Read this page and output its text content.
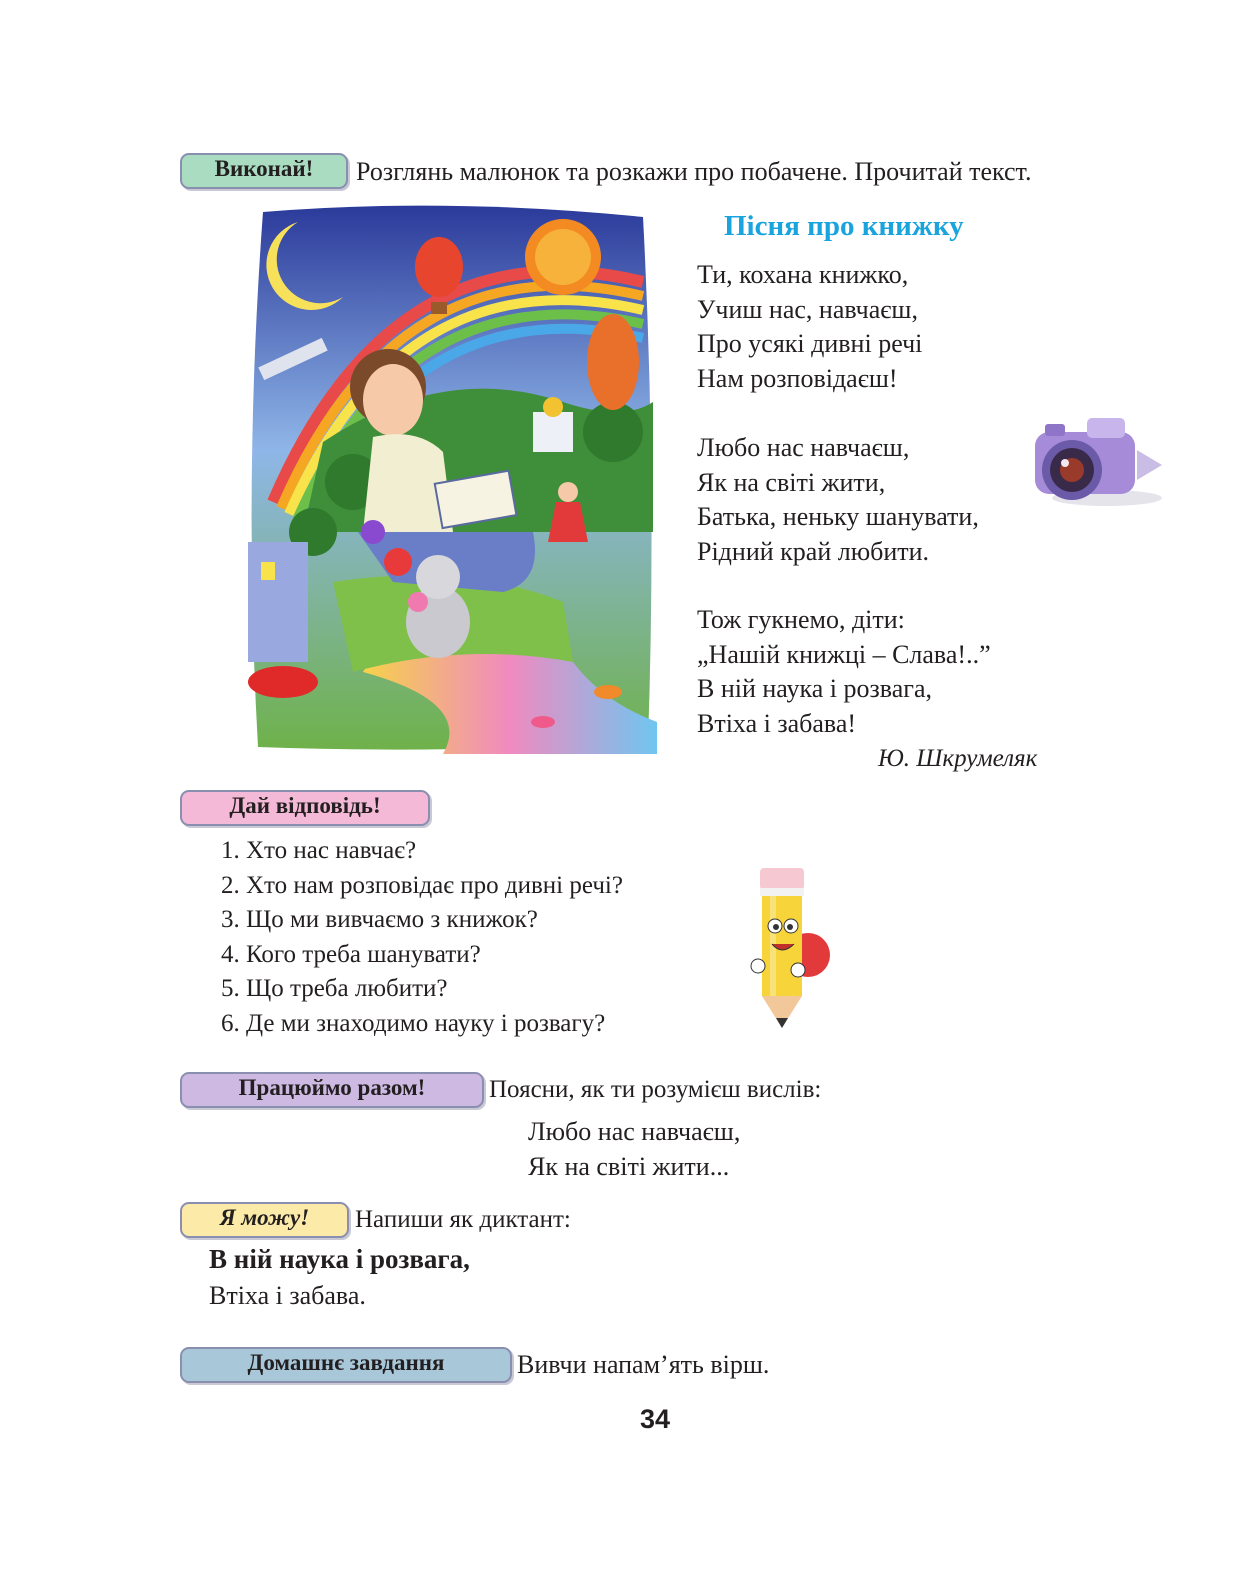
Виконай!	Розглянь малюнок та розкажи про побачене. Прочитай текст.
Пісня про книжку
Ти, кохана книжко,
Учиш нас, навчаєш,
Про усякі дивні речі
Нам розповідаєш!
Любо нас навчаєш,
Як на світі жити,
Батька, неньку шанувати,
Рідний край любити.
Тож гукнемо, діти:
„Нашій книжці – Слава!..”
В ній наука і розвага,
Втіха і забава!
Ю. Шкрумеляк
Дай відповідь!
1. Хто нас навчає?
2. Хто нам розповідає про дивні речі?
3. Що ми вивчаємо з книжок?
4. Кого треба шанувати?
5. Що треба любити?
6. Де ми знаходимо науку і розвагу?
Працюймо разом!	Поясни, як ти розумієш вислів:
Любо нас навчаєш,
Як на світі жити...
Я можу!	Напиши як диктант:
В ній наука і розвага,
Втіха і забава.
Домашнє завдання	Вивчи напам’ять вірш.
34
